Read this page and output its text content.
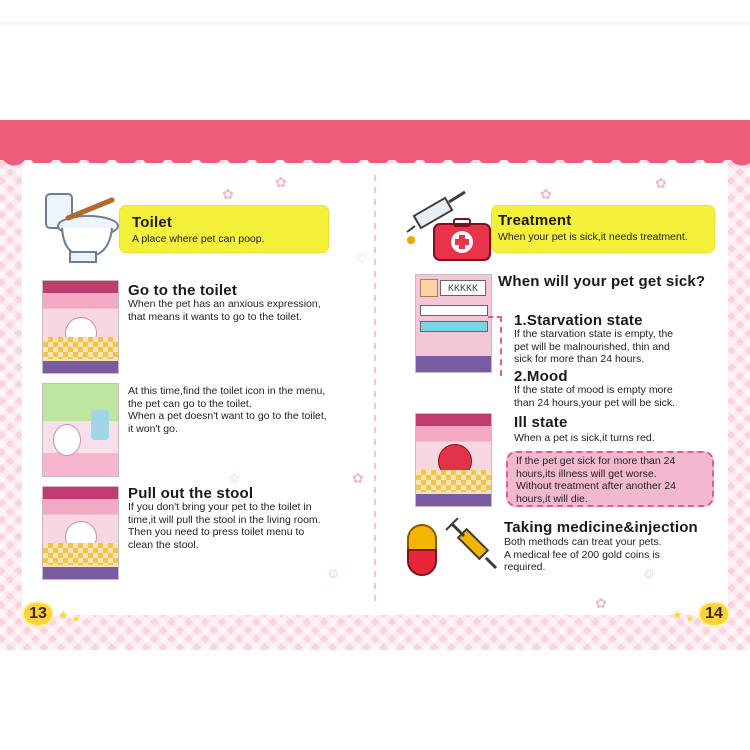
✿
✿
♡
✿
☆
☺
✿
✿
☺
✿
Toilet
A place where pet can poop.
Go to the toilet
When the pet has an anxious expression,
that means it wants to go to the toilet.
At this time,find the toilet icon in the menu,
the pet can go to the toilet.
When a pet doesn't want to go to the toilet,
it won't go.
Pull out the stool
If you don't bring your pet to the toilet in
time,it will pull the stool in the living room.
Then you need to press toilet menu to
clean the stool.
13 ★ ★
Treatment
When your pet is sick,it needs treatment.
When will your pet get sick?
KKKKK
1.Starvation state
If the starvation state is empty, the
pet will be malnourished, thin and
sick for more than 24 hours.
2.Mood
If the state of mood is empty more
than 24 hours,your pet will be sick.
Ill state
When a pet is sick,it turns red.
If the pet get sick for more than 24
hours,its illness will get worse.
Without treatment after another 24
hours,it will die.
Taking medicine&injection
Both methods can treat your pets.
A medical fee of 200 gold coins is
required.
★ ★ 14
